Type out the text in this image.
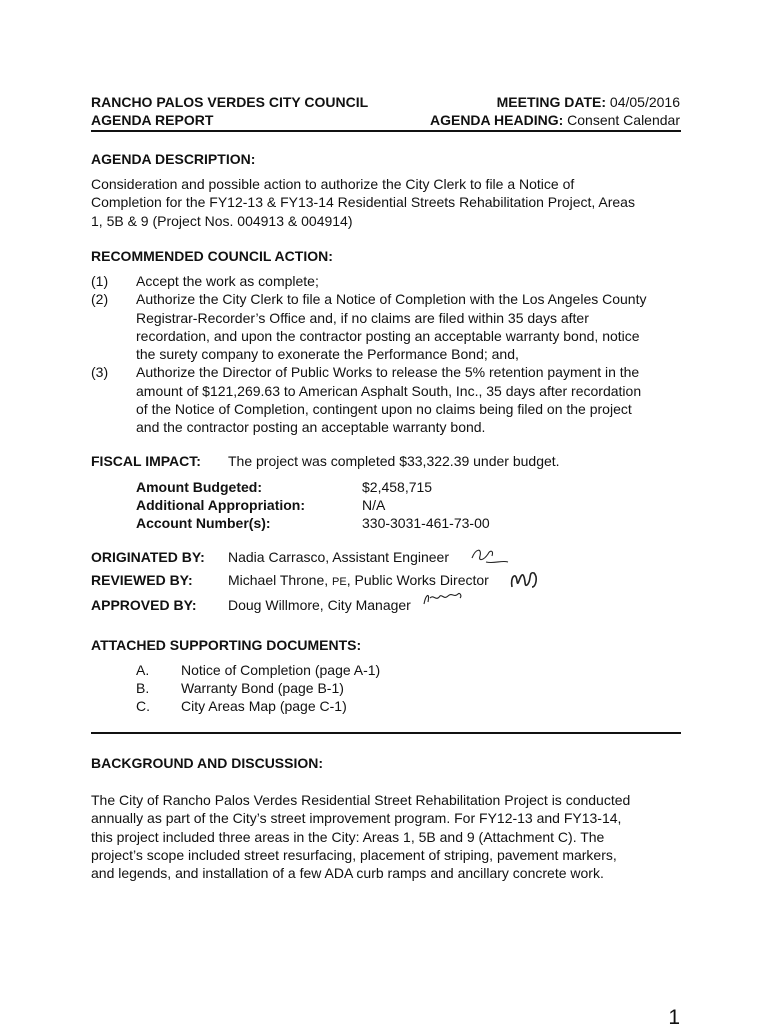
RANCHO PALOS VERDES CITY COUNCIL
AGENDA REPORT
MEETING DATE: 04/05/2016
AGENDA HEADING: Consent Calendar
AGENDA DESCRIPTION:
Consideration and possible action to authorize the City Clerk to file a Notice of
Completion for the FY12-13 & FY13-14 Residential Streets Rehabilitation Project, Areas
1, 5B & 9 (Project Nos. 004913 & 004914)
RECOMMENDED COUNCIL ACTION:
(1)	Accept the work as complete;
(2)	Authorize the City Clerk to file a Notice of Completion with the Los Angeles County
Registrar-Recorder’s Office and, if no claims are filed within 35 days after
recordation, and upon the contractor posting an acceptable warranty bond, notice
the surety company to exonerate the Performance Bond; and,
(3)	Authorize the Director of Public Works to release the 5% retention payment in the
amount of $121,269.63 to American Asphalt South, Inc., 35 days after recordation
of the Notice of Completion, contingent upon no claims being filed on the project
and the contractor posting an acceptable warranty bond.
FISCAL IMPACT: The project was completed $33,322.39 under budget.
Amount Budgeted:	$2,458,715
Additional Appropriation:	N/A
Account Number(s):	330-3031-461-73-00
ORIGINATED BY: Nadia Carrasco, Assistant Engineer
REVIEWED BY:	Michael Throne, PE, Public Works Director
APPROVED BY: Doug Willmore, City Manager
ATTACHED SUPPORTING DOCUMENTS:
A. Notice of Completion (page A-1)
B. Warranty Bond (page B-1)
C. City Areas Map (page C-1)
BACKGROUND AND DISCUSSION:
The City of Rancho Palos Verdes Residential Street Rehabilitation Project is conducted
annually as part of the City’s street improvement program. For FY12-13 and FY13-14,
this project included three areas in the City: Areas 1, 5B and 9 (Attachment C). The
project’s scope included street resurfacing, placement of striping, pavement markers,
and legends, and installation of a few ADA curb ramps and ancillary concrete work.
1
